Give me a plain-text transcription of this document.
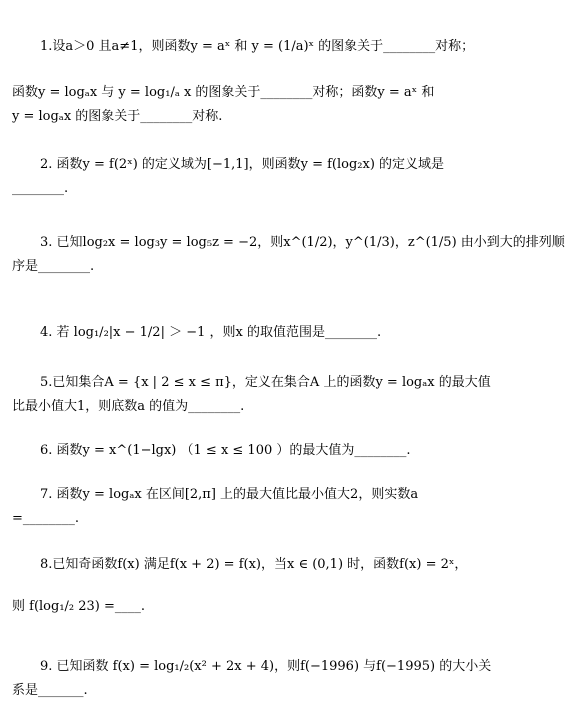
1.设a＞0 且a≠1，则函数y = aˣ 和 y = (1/a)ˣ 的图象关于________对称；
函数y = logₐx 与 y = log₁/ₐ x 的图象关于________对称；函数y = aˣ 和
y = logₐx 的图象关于________对称.
2. 函数y = f(2ˣ) 的定义域为[−1,1]，则函数y = f(log₂x) 的定义域是
________.
3. 已知log₂x = log₃y = log₅z = −2，则x^(1/2)，y^(1/3)，z^(1/5) 由小到大的排列顺
序是________.
4. 若 log₁/₂|x − 1/2| ＞ −1 ，则x 的取值范围是________.
5.已知集合A = {x | 2 ≤ x ≤ π}，定义在集合A 上的函数y = logₐx 的最大值
比最小值大1，则底数a 的值为________.
6. 函数y = x^(1−lgx) （1 ≤ x ≤ 100 ）的最大值为________.
7. 函数y = logₐx 在区间[2,π] 上的最大值比最小值大2，则实数a
=________.
8.已知奇函数f(x) 满足f(x + 2) = f(x)，当x ∈ (0,1) 时，函数f(x) = 2ˣ，
则 f(log₁/₂ 23) =____.
9. 已知函数 f(x) = log₁/₂(x² + 2x + 4)，则f(−1996) 与f(−1995) 的大小关
系是_______.
